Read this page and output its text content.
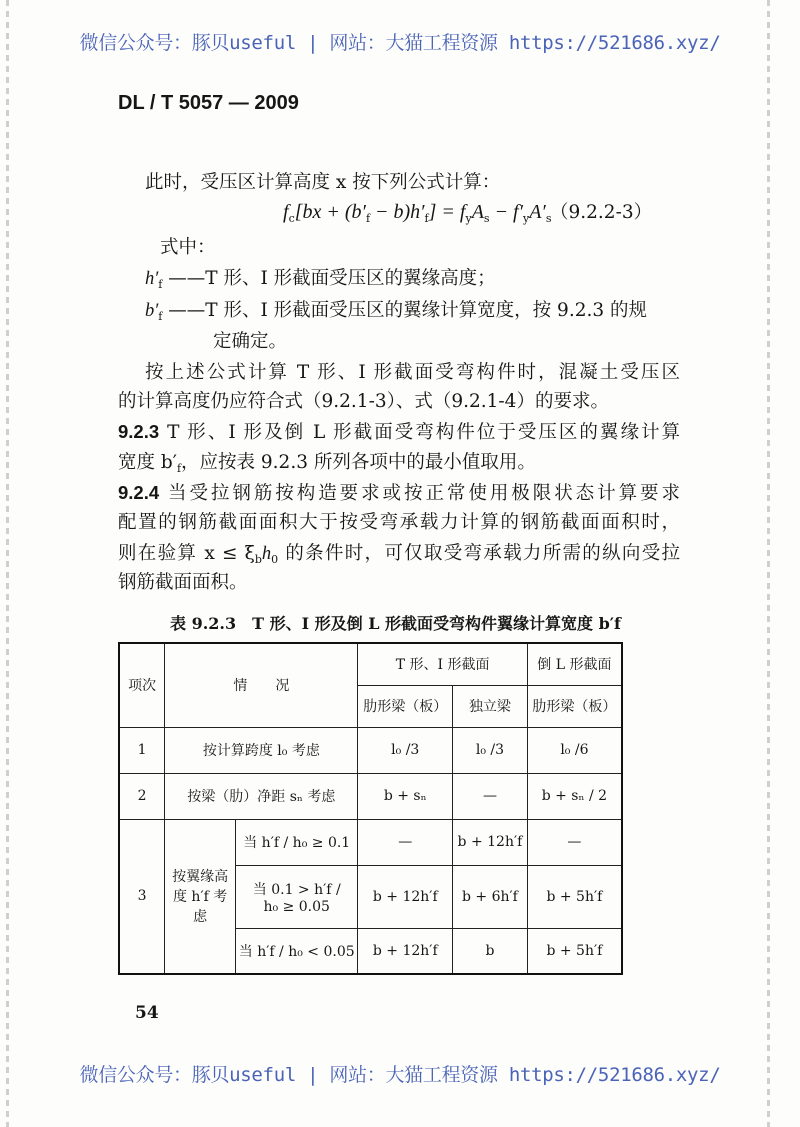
微信公众号：豚贝useful | 网站：大猫工程资源 https://521686.xyz/
DL / T 5057 — 2009
此时，受压区计算高度 x 按下列公式计算：
$f_c[bx + (b'_f - b)h'_f] = f_yA_s - f'_yA'_s$
（9.2.2-3）
式中：
$h'_f$ ——T 形、I 形截面受压区的翼缘高度；
$b'_f$ ——T 形、I 形截面受压区的翼缘计算宽度，按 9.2.3 的规
定确定。
按上述公式计算 T 形、I 形截面受弯构件时，混凝土受压区
的计算高度仍应符合式（9.2.1-3）、式（9.2.1-4）的要求。
9.2.3 T 形、I 形及倒 L 形截面受弯构件位于受压区的翼缘计算
宽度 $b'_f$，应按表 9.2.3 所列各项中的最小值取用。
9.2.4 当受拉钢筋按构造要求或按正常使用极限状态计算要求
配置的钢筋截面面积大于按受弯承载力计算的钢筋截面面积时，
则在验算 $x \le \xi_bh_0$ 的条件时，可仅取受弯承载力所需的纵向受拉
钢筋截面面积。
表 9.2.3　T 形、I 形及倒 L 形截面受弯构件翼缘计算宽度 b′f
项次	情　　况		T 形、I 形截面		倒 L 形截面
			肋形梁（板）	独立梁	肋形梁（板）
1	按计算跨度 l₀ 考虑		l₀ /3	l₀ /3	l₀ /6
2	按梁（肋）净距 sₙ 考虑		b + sₙ	—	b + sₙ / 2
3	按翼缘高度 h′f 考虑	当 h′f / h₀ ≥ 0.1	—	b + 12h′f	—
		当 0.1 > h′f / h₀ ≥ 0.05	b + 12h′f	b + 6h′f	b + 5h′f
		当 h′f / h₀ < 0.05	b + 12h′f	b	b + 5h′f
54
微信公众号：豚贝useful | 网站：大猫工程资源 https://521686.xyz/
